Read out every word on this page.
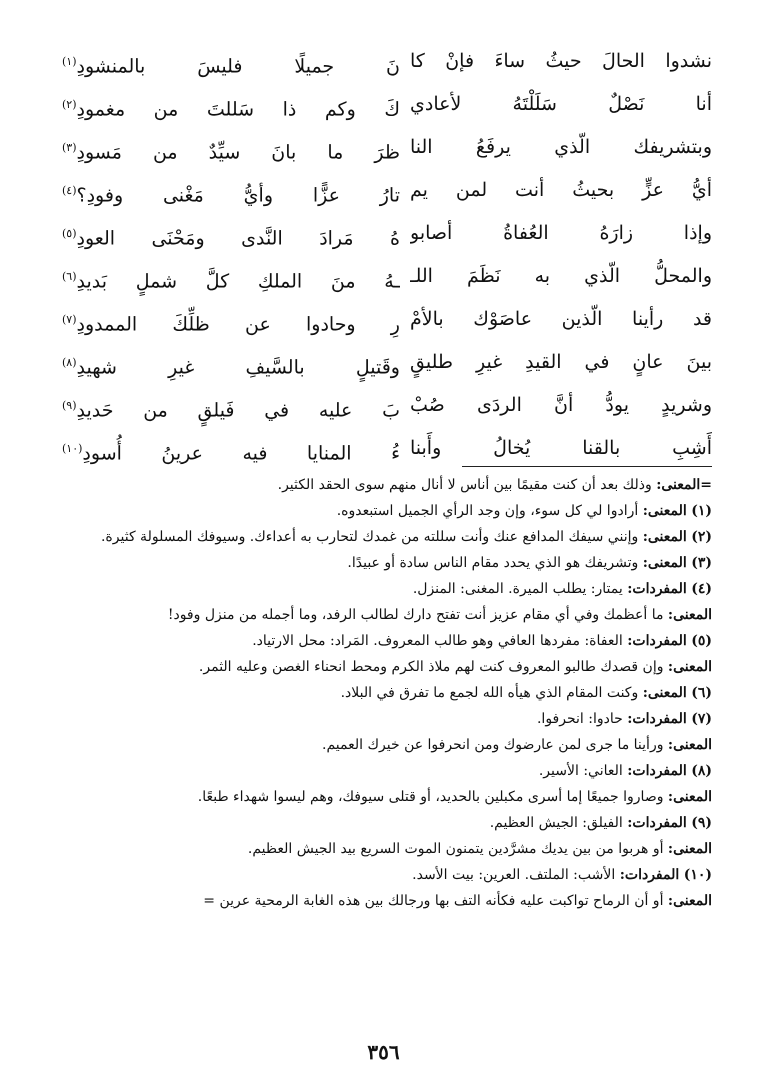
نشدوا الحالَ حيثُ ساءَ فإنْ كا
نَ جميلًا فليسَ بالمنشودِ$^{(١)}$
أنا نَصْلٌ سَلَلْتَهُ لأعادي
كَ وكم ذا سَللتَ من مغمودِ$^{(٢)}$
وبتشريفك الّذي يرفَعُ النا
ظرَ ما بانَ سيِّدٌ من مَسودِ$^{(٣)}$
أيُّ عزٍّ بحيثُ أنت لمن يم
تارُ عزًّا وأيُّ مَغْنى وفودِ؟$^{(٤)}$
وإذا زارَهُ العُفاةُ أصابو
هُ مَرادَ النَّدى ومَحْنَى العودِ$^{(٥)}$
والمحلُّ الّذي به نَظَمَ اللـ
ـهُ منَ الملكِ كلَّ شملٍ بَديدِ$^{(٦)}$
قد رأينا الّذين عاصَوْك بالأمْ
رِ وحادوا عن ظلِّكَ الممدودِ$^{(٧)}$
بينَ عانٍ في القيدِ غيرِ طليقٍ
وقَتيلٍ بالسَّيفِ غيرِ شهيدِ$^{(٨)}$
وشريدٍ يودُّ أنَّ الردَى صُبْ
بَ عليه في فَيلقٍ من حَديدِ$^{(٩)}$
أَشِبِ بالقنا يُخالُ وأَبنا
ءُ المنايا فيه عرينُ أُسودِ$^{(١٠)}$
=المعنى: وذلك بعد أن كنت مقيمًا بين أناس لا أنال منهم سوى الحقد الكثير.
(١) المعنى: أرادوا لي كل سوء، وإن وجد الرأي الجميل استبعدوه.
(٢) المعنى: وإنني سيفك المدافع عنك وأنت سللته من غمدك لتحارب به أعداءك. وسيوفك المسلولة كثيرة.
(٣) المعنى: وتشريفك هو الذي يحدد مقام الناس سادة أو عبيدًا.
(٤) المفردات: يمتار: يطلب الميرة. المغنى: المنزل.
المعنى: ما أعظمك وفي أي مقام عزيز أنت تفتح دارك لطالب الرفد، وما أجمله من منزل وفود!
(٥) المفردات: العفاة: مفردها العافي وهو طالب المعروف. المَراد: محل الارتياد.
المعنى: وإن قصدك طالبو المعروف كنت لهم ملاذ الكرم ومحط انحناء الغصن وعليه الثمر.
(٦) المعنى: وكنت المقام الذي هيأه الله لجمع ما تفرق في البلاد.
(٧) المفردات: حادوا: انحرفوا.
المعنى: ورأينا ما جرى لمن عارضوك ومن انحرفوا عن خيرك العميم.
(٨) المفردات: العاني: الأسير.
المعنى: وصاروا جميعًا إما أسرى مكبلين بالحديد، أو قتلى سيوفك، وهم ليسوا شهداء طبعًا.
(٩) المفردات: الفيلق: الجيش العظيم.
المعنى: أو هربوا من بين يديك مشرَّدين يتمنون الموت السريع بيد الجيش العظيم.
(١٠) المفردات: الأشب: الملتف. العرين: بيت الأسد.
المعنى: أو أن الرماح تواكبت عليه فكأنه التف بها ورجالك بين هذه الغابة الرمحية عرين =
٣٥٦
